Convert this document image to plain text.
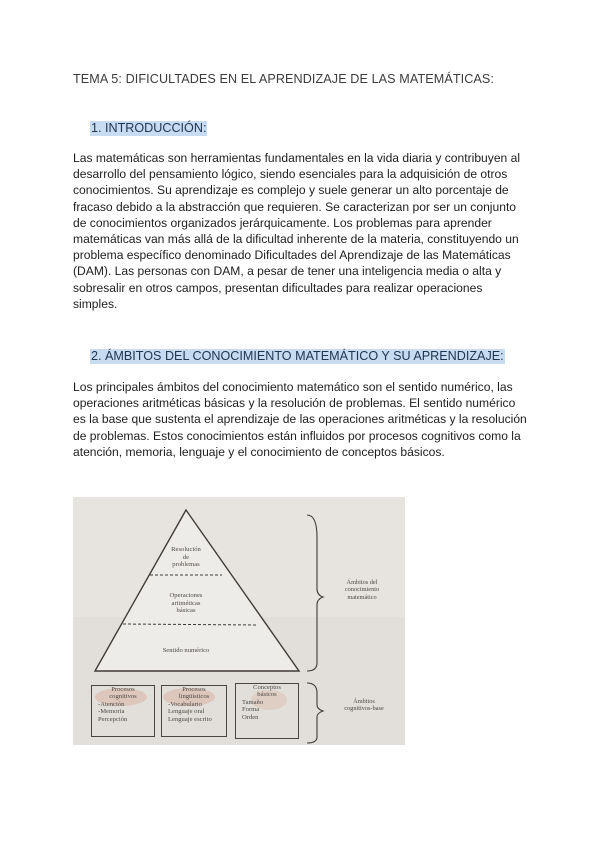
TEMA 5: DIFICULTADES EN EL APRENDIZAJE DE LAS MATEMÁTICAS:
1. INTRODUCCIÓN:

Las matemáticas son herramientas fundamentales en la vida diaria y contribuyen al
desarrollo del pensamiento lógico, siendo esenciales para la adquisición de otros
conocimientos. Su aprendizaje es complejo y suele generar un alto porcentaje de
fracaso debido a la abstracción que requieren. Se caracterizan por ser un conjunto
de conocimientos organizados jerárquicamente. Los problemas para aprender
matemáticas van más allá de la dificultad inherente de la materia, constituyendo un
problema específico denominado Dificultades del Aprendizaje de las Matemáticas
(DAM). Las personas con DAM, a pesar de tener una inteligencia media o alta y
sobresalir en otros campos, presentan dificultades para realizar operaciones
simples.

2. ÁMBITOS DEL CONOCIMIENTO MATEMÁTICO Y SU APRENDIZAJE:

Los principales ámbitos del conocimiento matemático son el sentido numérico, las
operaciones aritméticas básicas y la resolución de problemas. El sentido numérico
es la base que sustenta el aprendizaje de las operaciones aritméticas y la resolución
de problemas. Estos conocimientos están influidos por procesos cognitivos como la
atención, memoria, lenguaje y el conocimiento de conceptos básicos.

Resolución
de
problemas
Operaciones
aritméticas
básicas
Sentido numérico
Procesos
cognitivos
-Atención
-Memoria
Percepción
Procesos
lingüísticos
-Vocabulario
Lenguaje oral
Lenguaje escrito
Conceptos
básicos
Tamaño
Forma
Orden
Ámbitos del
conocimiento
matemático
Ámbitos
cognitivos-base
